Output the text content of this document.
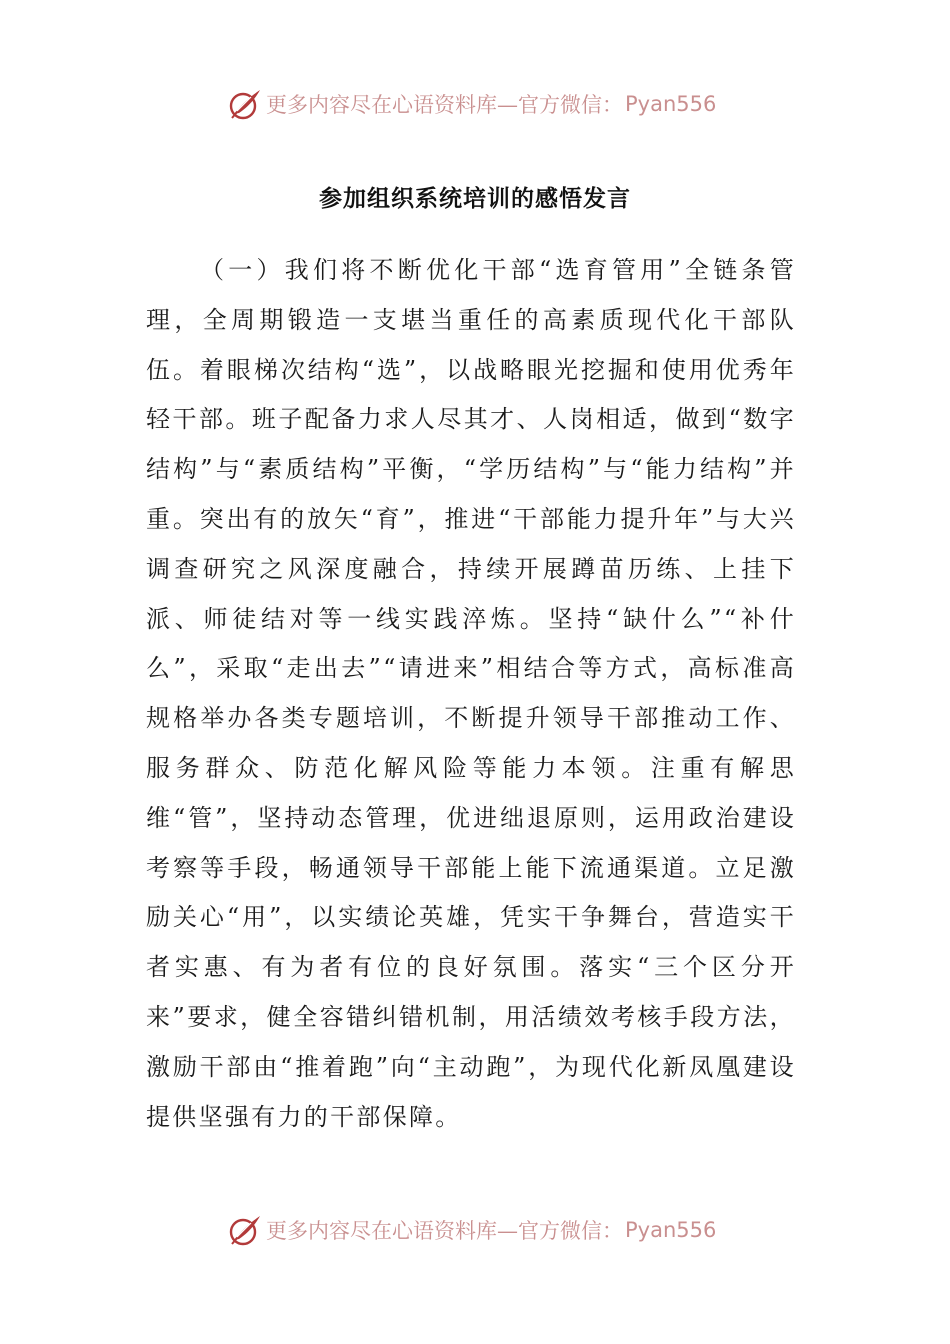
更多内容尽在心语资料库—官方微信： Pyan556
参加组织系统培训的感悟发言

（一）我们将不断优化干部“选育管用”全链条管理，全周期锻造一支堪当重任的高素质现代化干部队伍。着眼梯次结构“选”，以战略眼光挖掘和使用优秀年轻干部。班子配备力求人尽其才、人岗相适，做到“数字结构”与“素质结构”平衡，“学历结构”与“能力结构”并重。突出有的放矢“育”，推进“干部能力提升年”与大兴调查研究之风深度融合，持续开展蹲苗历练、上挂下派、师徒结对等一线实践淬炼。坚持“缺什么”“补什么”，采取“走出去”“请进来”相结合等方式，高标准高规格举办各类专题培训，不断提升领导干部推动工作、服务群众、防范化解风险等能力本领。注重有解思维“管”，坚持动态管理，优进绌退原则，运用政治建设考察等手段，畅通领导干部能上能下流通渠道。立足激励关心“用”，以实绩论英雄，凭实干争舞台，营造实干者实惠、有为者有位的良好氛围。落实“三个区分开来”要求，健全容错纠错机制，用活绩效考核手段方法，激励干部由“推着跑”向“主动跑”，为现代化新凤凰建设提供坚强有力的干部保障。

更多内容尽在心语资料库—官方微信： Pyan556
